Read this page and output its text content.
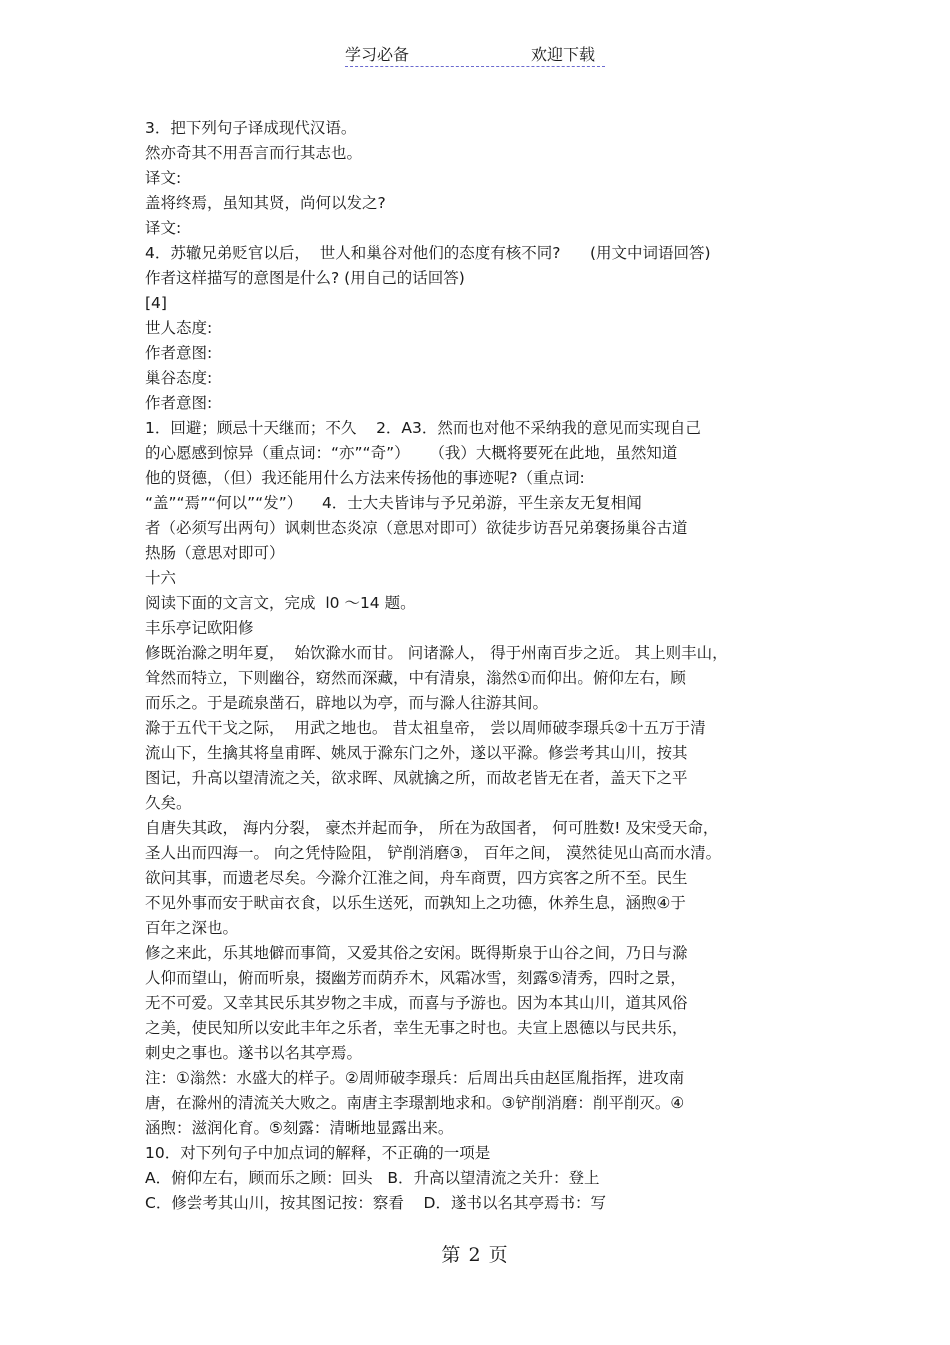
学习必备	欢迎下载
3．把下列句子译成现代汉语。
然亦奇其不用吾言而行其志也。
译文:
盖将终焉，虽知其贤，尚何以发之?
译文:
4．苏辙兄弟贬官以后，  世人和巢谷对他们的态度有核不同?      (用文中词语回答)
作者这样描写的意图是什么? (用自己的话回答)
[4]
世人态度:
作者意图:
巢谷态度:
作者意图:
1．回避；顾忌十天继而；不久    2．A3．然而也对他不采纳我的意见而实现自己
的心愿感到惊异（重点词：“亦”“奇”）    （我）大概将要死在此地，虽然知道
他的贤德，（但）我还能用什么方法来传扬他的事迹呢?（重点词:
“盖”“焉”“何以”“发”）    4．士大夫皆讳与予兄弟游，平生亲友无复相闻
者（必须写出两句）讽刺世态炎凉（意思对即可）欲徒步访吾兄弟褒扬巢谷古道
热肠（意思对即可）
十六
阅读下面的文言文，完成  l0 ～14 题。
丰乐亭记欧阳修
修既治滁之明年夏，  始饮滁水而甘。 问诸滁人， 得于州南百步之近。 其上则丰山，
耸然而特立，下则幽谷，窈然而深藏，中有清泉，滃然①而仰出。俯仰左右，顾
而乐之。于是疏泉凿石，辟地以为亭，而与滁人往游其间。
滁于五代干戈之际，  用武之地也。 昔太祖皇帝， 尝以周师破李璟兵②十五万于清
流山下，生擒其将皇甫晖、姚凤于滁东门之外，遂以平滁。修尝考其山川，按其
图记，升高以望清流之关，欲求晖、凤就擒之所，而故老皆无在者，盖天下之平
久矣。
自唐失其政， 海内分裂， 豪杰并起而争， 所在为敌国者， 何可胜数! 及宋受天命，
圣人出而四海一。 向之凭恃险阻， 铲削消磨③， 百年之间， 漠然徒见山高而水清。
欲问其事，而遗老尽矣。今滁介江淮之间，舟车商贾，四方宾客之所不至。民生
不见外事而安于畎亩衣食，以乐生送死，而孰知上之功德，休养生息，涵煦④于
百年之深也。
修之来此，乐其地僻而事简，又爱其俗之安闲。既得斯泉于山谷之间，乃日与滁
人仰而望山，俯而听泉，掇幽芳而荫乔木，风霜冰雪，刻露⑤清秀，四时之景，
无不可爱。又幸其民乐其岁物之丰成，而喜与予游也。因为本其山川，道其风俗
之美，使民知所以安此丰年之乐者，幸生无事之时也。夫宣上恩德以与民共乐，
刺史之事也。遂书以名其亭焉。
注：①滃然：水盛大的样子。②周师破李璟兵：后周出兵由赵匡胤指挥，进攻南
唐，在滁州的清流关大败之。南唐主李璟割地求和。③铲削消磨：削平削灭。④
涵煦：滋润化育。⑤刻露：清晰地显露出来。
10．对下列句子中加点词的解释，不正确的一项是
A．俯仰左右，顾而乐之顾：回头   B．升高以望清流之关升：登上
C．修尝考其山川，按其图记按：察看    D．遂书以名其亭焉书：写
第 2 页
